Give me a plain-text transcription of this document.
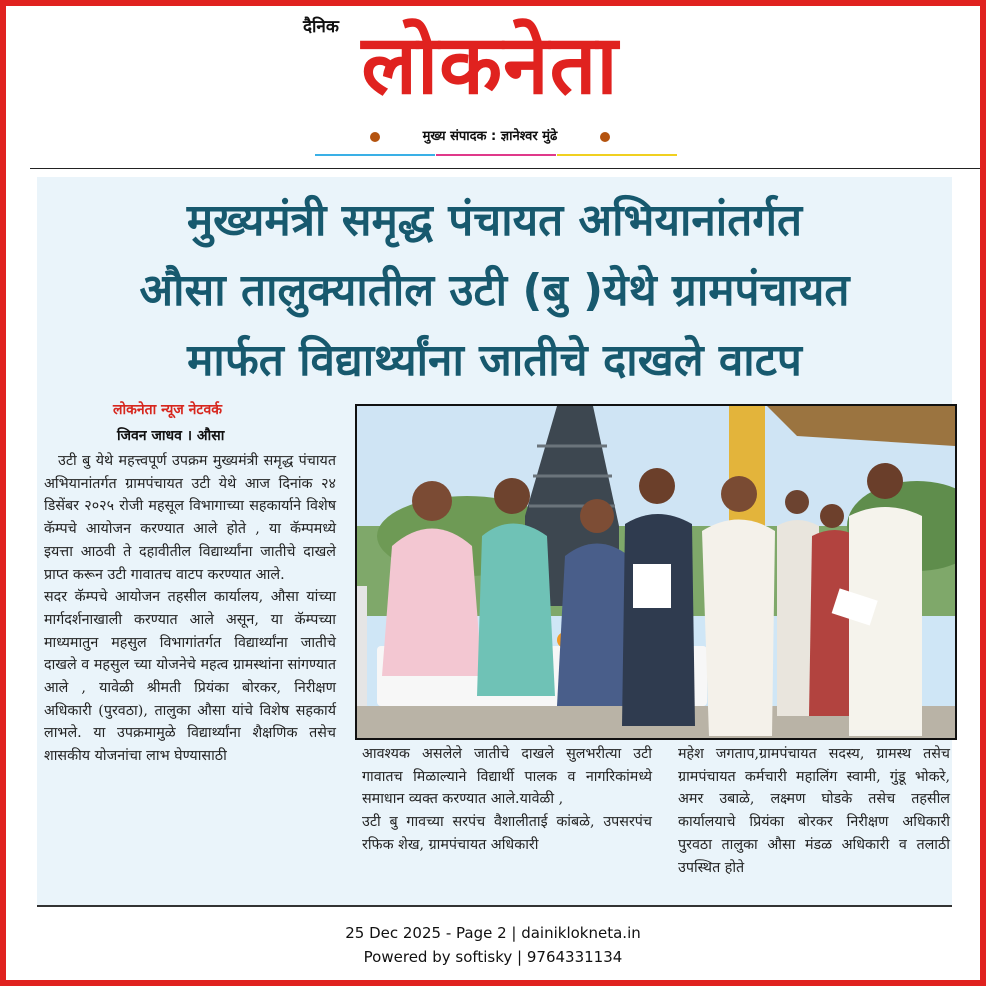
दैनिक लोकनेता
मुख्य संपादक : ज्ञानेश्वर मुंढे
मुख्यमंत्री समृद्ध पंचायत अभियानांतर्गत
औसा तालुक्यातील उटी (बु )येथे ग्रामपंचायत
मार्फत विद्यार्थ्यांना जातीचे दाखले वाटप
लोकनेता न्यूज नेटवर्क
जिवन जाधव । औसा

उटी बु येथे महत्त्वपूर्ण उपक्रम मुख्यमंत्री समृद्ध पंचायत अभियानांतर्गत ग्रामपंचायत उटी येथे आज दिनांक २४ डिसेंबर २०२५ रोजी महसूल विभागाच्या सहकार्याने विशेष कॅम्पचे आयोजन करण्यात आले होते , या कॅम्पमध्ये इयत्ता आठवी ते दहावीतील विद्यार्थ्यांना जातीचे दाखले प्राप्त करून उटी गावातच वाटप करण्यात आले.

सदर कॅम्पचे आयोजन तहसील कार्यालय, औसा यांच्या मार्गदर्शनाखाली करण्यात आले असून, या कॅम्पच्या माध्यमातुन महसुल विभागांतर्गत विद्यार्थ्यांना जातीचे दाखले व महसुल च्या योजनेचे महत्व ग्रामस्थांना सांगण्यात आले , यावेळी श्रीमती प्रियंका बोरकर, निरीक्षण अधिकारी (पुरवठा), तालुका औसा यांचे विशेष सहकार्य लाभले. या उपक्रमामुळे विद्यार्थ्यांना शैक्षणिक तसेच शासकीय योजनांचा लाभ घेण्यासाठी	आवश्यक असलेले जातीचे दाखले सुलभरीत्या उटी गावातच मिळाल्याने विद्यार्थी पालक व नागरिकांमध्ये समाधान व्यक्त करण्यात आले.यावेळी ,

उटी बु गावच्या सरपंच वैशालीताई कांबळे, उपसरपंच रफिक शेख, ग्रामपंचायत अधिकारी

महेश जगताप,ग्रामपंचायत सदस्य, ग्रामस्थ तसेच ग्रामपंचायत कर्मचारी महालिंग स्वामी, गुंडू भोकरे, अमर उबाळे, लक्ष्मण घोडके तसेच तहसील कार्यालयाचे प्रियंका बोरकर निरीक्षण अधिकारी पुरवठा तालुका औसा मंडळ अधिकारी व तलाठी उपस्थित होते

25 Dec 2025 - Page 2 | dainiklokneta.in
Powered by softisky | 9764331134
